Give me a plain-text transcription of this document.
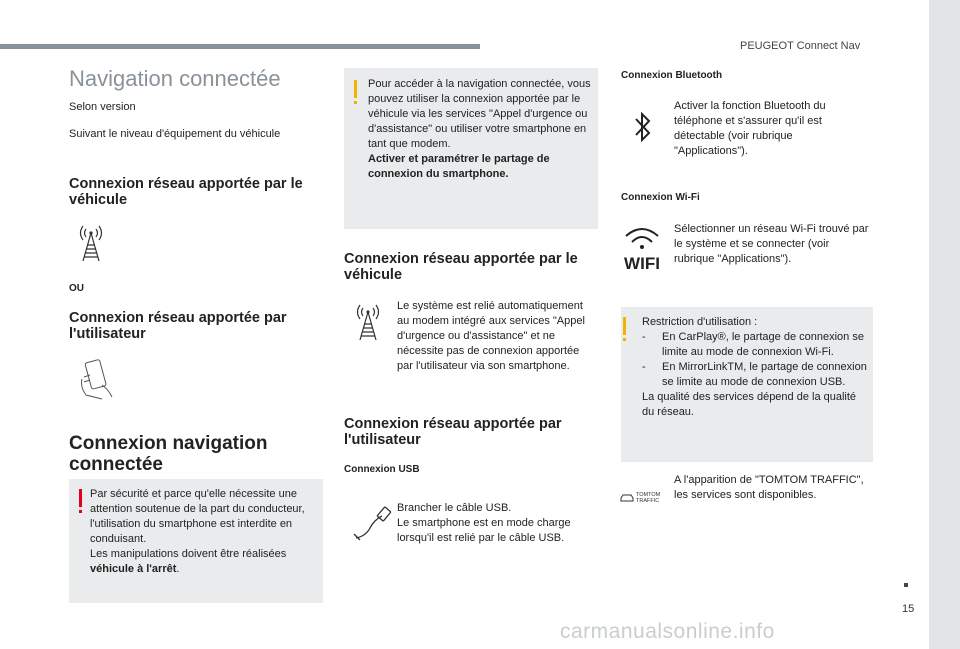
PEUGEOT Connect Nav
15
carmanualsonline.info
Navigation connectée
Selon version
Suivant le niveau d'équipement du véhicule
Connexion réseau apportée par le véhicule
OU
Connexion réseau apportée par l'utilisateur
Connexion navigation connectée
Par sécurité et parce qu'elle nécessite une attention soutenue de la part du conducteur, l'utilisation du smartphone est interdite en conduisant.
Les manipulations doivent être réalisées
véhicule à l'arrêt.
Pour accéder à la navigation connectée, vous pouvez utiliser la connexion apportée par le véhicule via les services "Appel d'urgence ou d'assistance" ou utiliser votre smartphone en tant que modem.
Activer et paramétrer le partage de connexion du smartphone.
Connexion réseau apportée par le véhicule
Le système est relié automatiquement au modem intégré aux services "Appel d'urgence ou d'assistance" et ne nécessite pas de connexion apportée par l'utilisateur via son smartphone.
Connexion réseau apportée par l'utilisateur
Connexion USB
Brancher le câble USB.
Le smartphone est en mode charge lorsqu'il est relié par le câble USB.
Connexion Bluetooth
Activer la fonction Bluetooth du téléphone et s'assurer qu'il est détectable (voir rubrique "Applications").
Connexion Wi-Fi
WIFI
Sélectionner un réseau Wi-Fi trouvé par le système et se connecter (voir rubrique "Applications").
Restriction d'utilisation :
-	En CarPlay®, le partage de connexion se limite au mode de connexion Wi-Fi.
-	En MirrorLinkTM, le partage de connexion se limite au mode de connexion USB.
La qualité des services dépend de la qualité du réseau.
TOMTOM
TRAFFIC
A l'apparition de "TOMTOM TRAFFIC", les services sont disponibles.
